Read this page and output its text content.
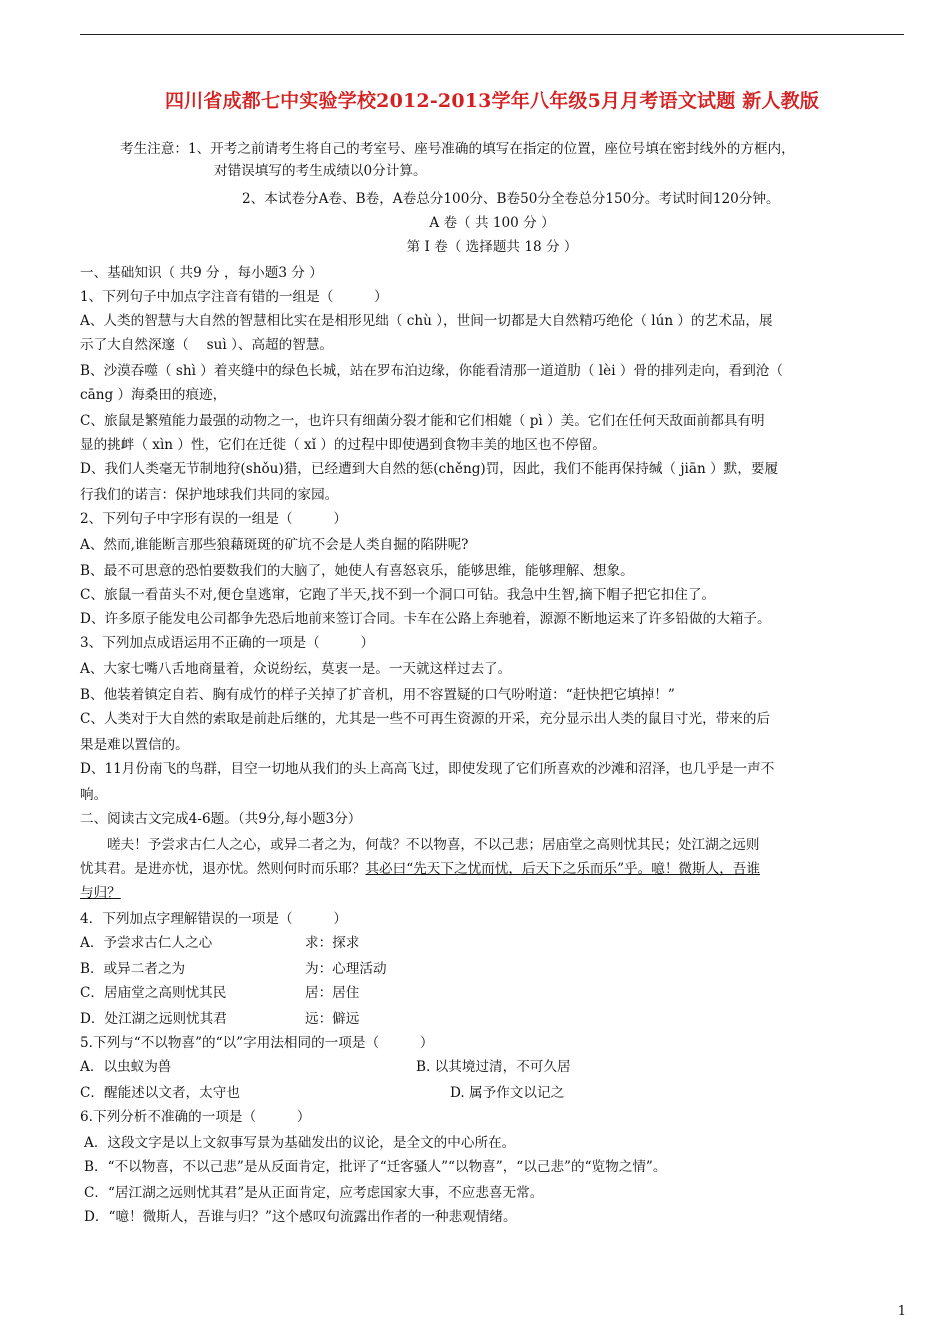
四川省成都七中实验学校2012-2013学年八年级5月月考语文试题 新人教版
考生注意：1、开考之前请考生将自己的考室号、座号准确的填写在指定的位置，座位号填在密封线外的方框内，
对错误填写的考生成绩以0分计算。
2、本试卷分A卷、B卷，A卷总分100分、B卷50分全卷总分150分。考试时间120分钟。
A 卷（ 共 100 分 ）
第 I 卷（ 选择题共 18 分 ）
一、基础知识（ 共9 分 ，每小题3 分 ）
1、下列句子中加点字注音有错的一组是（　　　）
A、人类的智慧与大自然的智慧相比实在是相形见绌（ chù ），世间一切都是大自然精巧绝伦（ lún ）的艺术品，展
示了大自然深邃（　 suì ）、高超的智慧。
B、沙漠吞噬（ shì ）着夹缝中的绿色长城，站在罗布泊边缘，你能看清那一道道肋（ lèi ）骨的排列走向，看到沧（
cāng ）海桑田的痕迹，
C、旅鼠是繁殖能力最强的动物之一，也许只有细菌分裂才能和它们相媲（ pì ）美。它们在任何天敌面前都具有明
显的挑衅（ xìn ）性，它们在迁徙（ xǐ ）的过程中即使遇到食物丰美的地区也不停留。
D、我们人类毫无节制地狩(shǒu)猎，已经遭到大自然的惩(chěng)罚，因此，我们不能再保持缄（ jiān ）默，要履
行我们的诺言：保护地球我们共同的家园。
2、下列句子中字形有误的一组是（　　　）
A、然而,谁能断言那些狼藉斑斑的矿坑不会是人类自掘的陷阱呢?
B、最不可思意的恐怕要数我们的大脑了，她使人有喜怒哀乐，能够思维，能够理解、想象。
C、旅鼠一看苗头不对,便仓皇逃窜，它跑了半天,找不到一个洞口可钻。我急中生智,摘下帽子把它扣住了。
D、许多原子能发电公司都争先恐后地前来签订合同。卡车在公路上奔驰着，源源不断地运来了许多铅做的大箱子。
3、下列加点成语运用不正确的一项是（　　　）
A、大家七嘴八舌地商量着，众说纷纭，莫衷一是。一天就这样过去了。
B、他装着镇定自若、胸有成竹的样子关掉了扩音机，用不容置疑的口气吩咐道：“赶快把它填掉！”
C、人类对于大自然的索取是前赴后继的，尤其是一些不可再生资源的开采，充分显示出人类的鼠目寸光，带来的后
果是难以置信的。
D、11月份南飞的鸟群，目空一切地从我们的头上高高飞过，即使发现了它们所喜欢的沙滩和沼泽，也几乎是一声不
响。
二、阅读古文完成4-6题。（共9分,每小题3分）
嗟夫！予尝求古仁人之心，或异二者之为，何哉？不以物喜，不以己悲；居庙堂之高则忧其民；处江湖之远则
忧其君。是进亦忧，退亦忧。然则何时而乐耶？其必曰“先天下之忧而忧，后天下之乐而乐”乎。噫！微斯人，吾谁
与归？
4．下列加点字理解错误的一项是（　　　）
A．予尝求古仁人之心	求：探求
B．或异二者之为	为：心理活动
C．居庙堂之高则忧其民	居：居住
D．处江湖之远则忧其君	远：僻远
5.下列与“不以物喜”的“以”字用法相同的一项是（　　　）
A．以虫蚁为兽	B. 以其境过清，不可久居
C．醒能述以文者，太守也	D. 属予作文以记之
6.下列分析不准确的一项是（　　　）
A．这段文字是以上文叙事写景为基础发出的议论，是全文的中心所在。
B．“不以物喜，不以己悲”是从反面肯定，批评了“迁客骚人”“以物喜”，“以己悲”的“览物之情”。
C．“居江湖之远则忧其君”是从正面肯定，应考虑国家大事，不应悲喜无常。
D．“噫！微斯人，吾谁与归？”这个感叹句流露出作者的一种悲观情绪。
1
